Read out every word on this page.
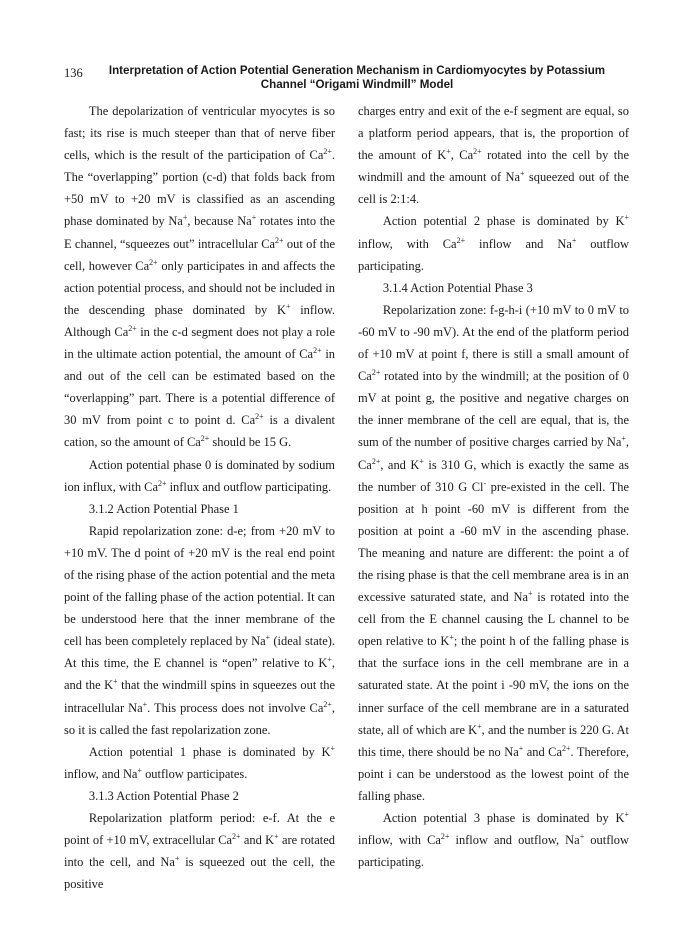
136	Interpretation of Action Potential Generation Mechanism in Cardiomyocytes by Potassium Channel “Origami Windmill” Model

The depolarization of ventricular myocytes is so fast; its rise is much steeper than that of nerve fiber cells, which is the result of the participation of $Ca^{2+}$. The “overlapping” portion (c-d) that folds back from +50 mV to +20 mV is classified as an ascending phase dominated by Na+, because Na+ rotates into the E channel, “squeezes out” intracellular $Ca^{2+}$ out of the cell, however $Ca^{2+}$ only participates in and affects the action potential process, and should not be included in the descending phase dominated by K+ inflow. Although $Ca^{2+}$ in the c-d segment does not play a role in the ultimate action potential, the amount of $Ca^{2+}$ in and out of the cell can be estimated based on the “overlapping” part. There is a potential difference of 30 mV from point c to point d. $Ca^{2+}$ is a divalent cation, so the amount of $Ca^{2+}$ should be 15 G.

Action potential phase 0 is dominated by sodium ion influx, with $Ca^{2+}$ influx and outflow participating.

3.1.2 Action Potential Phase 1

Rapid repolarization zone: d-e; from +20 mV to +10 mV. The d point of +20 mV is the real end point of the rising phase of the action potential and the meta point of the falling phase of the action potential. It can be understood here that the inner membrane of the cell has been completely replaced by Na+ (ideal state). At this time, the E channel is “open” relative to K+, and the K+ that the windmill spins in squeezes out the intracellular Na+. This process does not involve $Ca^{2+}$, so it is called the fast repolarization zone.

Action potential 1 phase is dominated by K+ inflow, and Na+ outflow participates.

3.1.3 Action Potential Phase 2

Repolarization platform period: e-f. At the e point of +10 mV, extracellular $Ca^{2+}$ and K+ are rotated into the cell, and Na+ is squeezed out the cell, the positive

charges entry and exit of the e-f segment are equal, so a platform period appears, that is, the proportion of the amount of K+, $Ca^{2+}$ rotated into the cell by the windmill and the amount of Na+ squeezed out of the cell is 2:1:4.

Action potential 2 phase is dominated by K+ inflow, with $Ca^{2+}$ inflow and Na+ outflow participating.

3.1.4 Action Potential Phase 3

Repolarization zone: f-g-h-i (+10 mV to 0 mV to -60 mV to -90 mV). At the end of the platform period of +10 mV at point f, there is still a small amount of $Ca^{2+}$ rotated into by the windmill; at the position of 0 mV at point g, the positive and negative charges on the inner membrane of the cell are equal, that is, the sum of the number of positive charges carried by Na+, $Ca^{2+}$, and K+ is 310 G, which is exactly the same as the number of 310 G Cl- pre-existed in the cell. The position at h point -60 mV is different from the position at point a -60 mV in the ascending phase. The meaning and nature are different: the point a of the rising phase is that the cell membrane area is in an excessive saturated state, and Na+ is rotated into the cell from the E channel causing the L channel to be open relative to K+; the point h of the falling phase is that the surface ions in the cell membrane are in a saturated state. At the point i -90 mV, the ions on the inner surface of the cell membrane are in a saturated state, all of which are K+, and the number is 220 G. At this time, there should be no Na+ and $Ca^{2+}$. Therefore, point i can be understood as the lowest point of the falling phase.

Action potential 3 phase is dominated by K+ inflow, with $Ca^{2+}$ inflow and outflow, Na+ outflow participating.
